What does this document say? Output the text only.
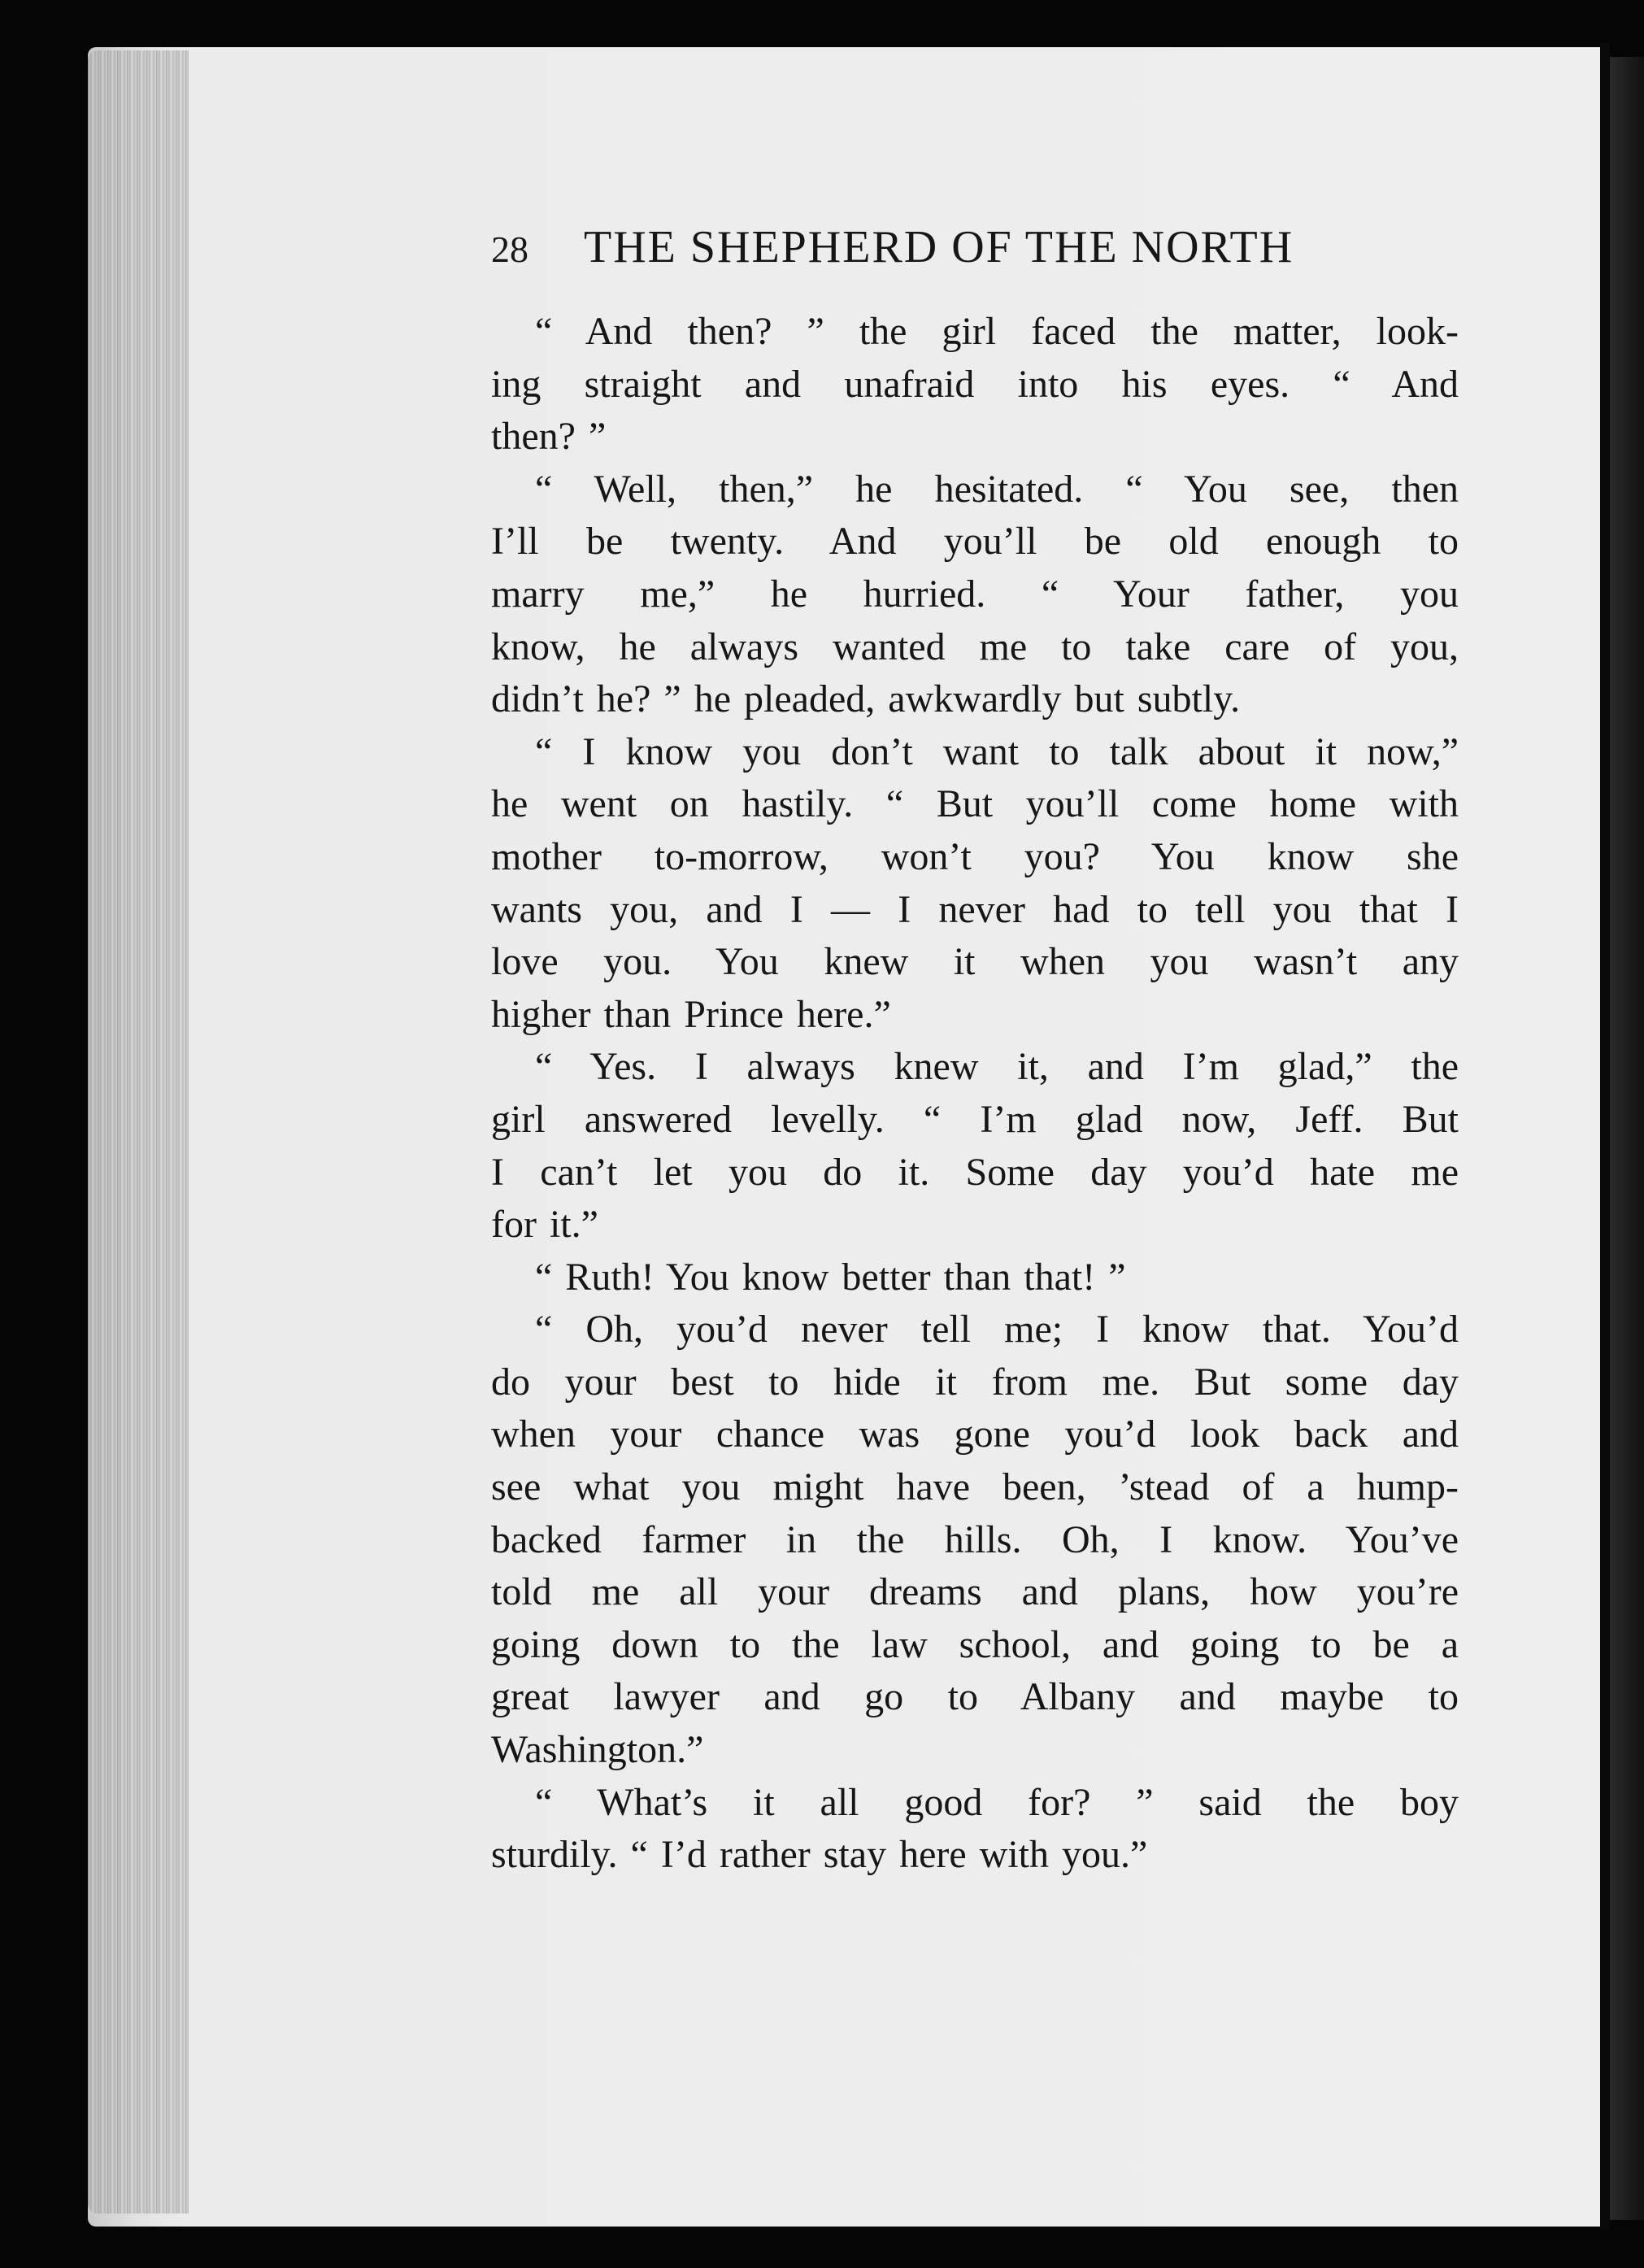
28	THE SHEPHERD OF THE NORTH

“ And then? ” the girl faced the matter, look-
ing straight and unafraid into his eyes. “ And
then? ”

“ Well, then,” he hesitated. “ You see, then
I’ll be twenty. And you’ll be old enough to
marry me,” he hurried. “ Your father, you
know, he always wanted me to take care of you,
didn’t he? ” he pleaded, awkwardly but subtly.

“ I know you don’t want to talk about it now,”
he went on hastily. “ But you’ll come home with
mother to-morrow, won’t you? You know she
wants you, and I — I never had to tell you that I
love you. You knew it when you wasn’t any
higher than Prince here.”

“ Yes. I always knew it, and I’m glad,” the
girl answered levelly. “ I’m glad now, Jeff. But
I can’t let you do it. Some day you’d hate me
for it.”

“ Ruth! You know better than that! ”

“ Oh, you’d never tell me; I know that. You’d
do your best to hide it from me. But some day
when your chance was gone you’d look back and
see what you might have been, ’stead of a hump-
backed farmer in the hills. Oh, I know. You’ve
told me all your dreams and plans, how you’re
going down to the law school, and going to be a
great lawyer and go to Albany and maybe to
Washington.”

“ What’s it all good for? ” said the boy
sturdily. “ I’d rather stay here with you.”
